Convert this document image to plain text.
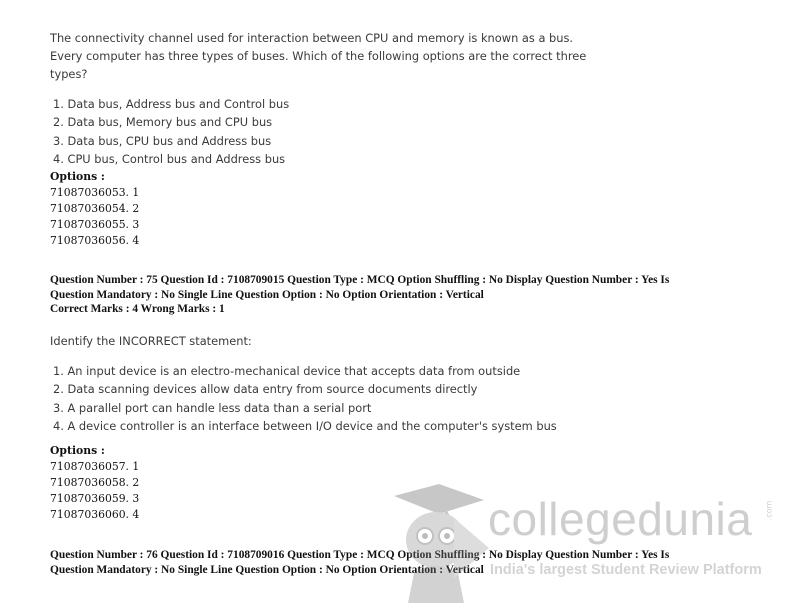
The connectivity channel used for interaction between CPU and memory is known as a bus.
Every computer has three types of buses. Which of the following options are the correct three
types?
1. Data bus, Address bus and Control bus
2. Data bus, Memory bus and CPU bus
3. Data bus, CPU bus and Address bus
4. CPU bus, Control bus and Address bus
Options :
71087036053. 1
71087036054. 2
71087036055. 3
71087036056. 4
Question Number : 75 Question Id : 7108709015 Question Type : MCQ Option Shuffling : No Display Question Number : Yes Is
Question Mandatory : No Single Line Question Option : No Option Orientation : Vertical
Correct Marks : 4 Wrong Marks : 1
Identify the INCORRECT statement:
1. An input device is an electro-mechanical device that accepts data from outside
2. Data scanning devices allow data entry from source documents directly
3. A parallel port can handle less data than a serial port
4. A device controller is an interface between I/O device and the computer's system bus
Options :
71087036057. 1
71087036058. 2
71087036059. 3
71087036060. 4
Question Number : 76 Question Id : 7108709016 Question Type : MCQ Option Shuffling : No Display Question Number : Yes Is
Question Mandatory : No Single Line Question Option : No Option Orientation : Vertical
collegedunia .com
India's largest Student Review Platform
